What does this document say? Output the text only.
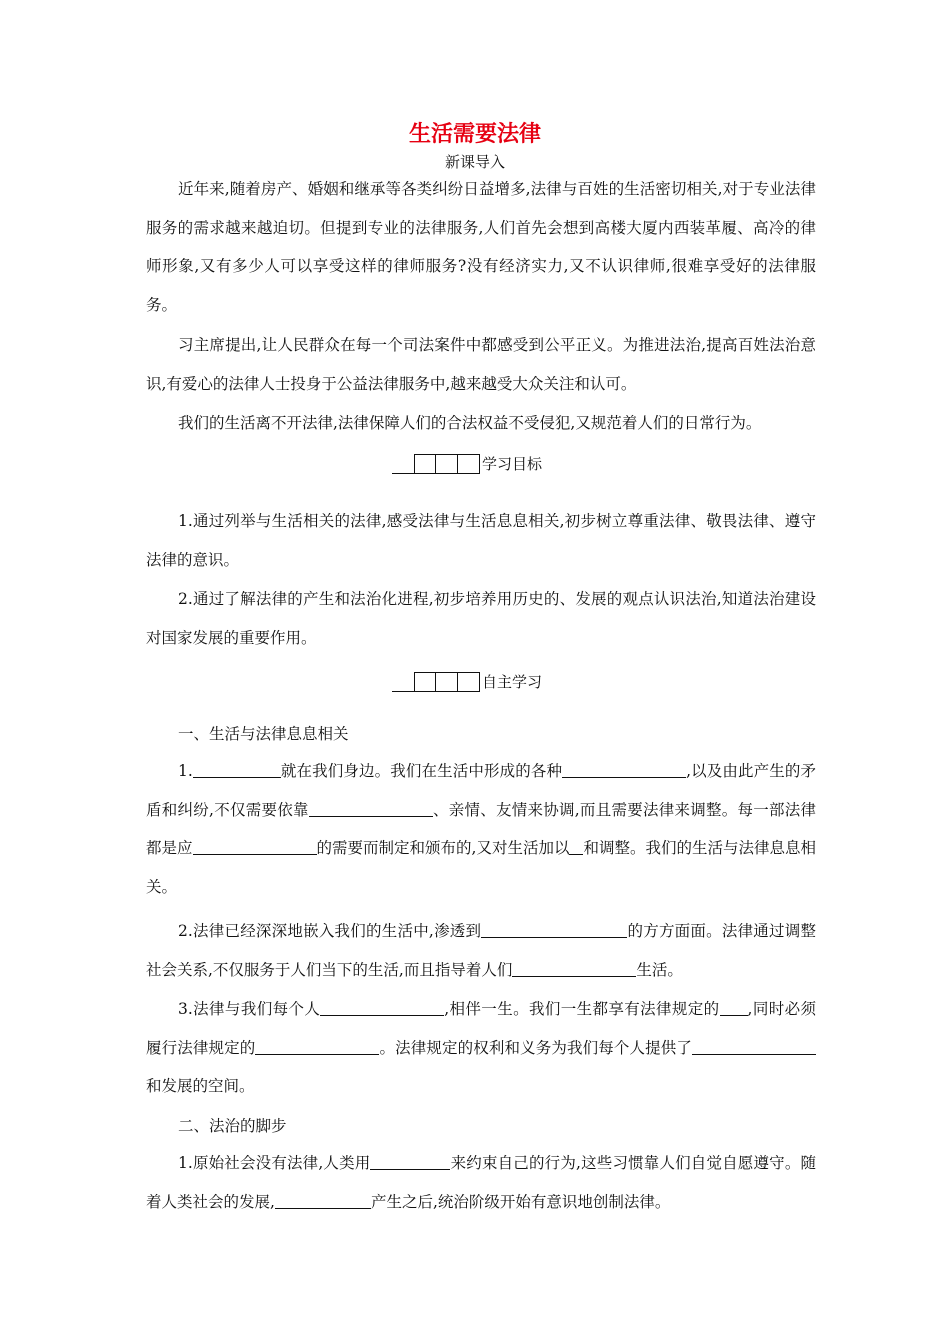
生活需要法律
新课导入

近年来,随着房产、婚姻和继承等各类纠纷日益增多,法律与百姓的生活密切相关,对于专业法律服务的需求越来越迫切。但提到专业的法律服务,人们首先会想到高楼大厦内西装革履、高冷的律师形象,又有多少人可以享受这样的律师服务?没有经济实力,又不认识律师,很难享受好的法律服务。

习主席提出,让人民群众在每一个司法案件中都感受到公平正义。为推进法治,提高百姓法治意识,有爱心的法律人士投身于公益法律服务中,越来越受大众关注和认可。

我们的生活离不开法律,法律保障人们的合法权益不受侵犯,又规范着人们的日常行为。

学习目标

1.通过列举与生活相关的法律,感受法律与生活息息相关,初步树立尊重法律、敬畏法律、遵守法律的意识。

2.通过了解法律的产生和法治化进程,初步培养用历史的、发展的观点认识法治,知道法治建设对国家发展的重要作用。

自主学习
一、生活与法律息息相关

1.	就在我们身边。我们在生活中形成的各种	,以及由此产生的矛盾和纠纷,不仅需要依靠	、亲情、友情来协调,而且需要法律来调整。每一部法律都是应	的需要而制定和颁布的,又对生活加以 和调整。我们的生活与法律息息相关。

2.法律已经深深地嵌入我们的生活中,渗透到	的方方面面。法律通过调整社会关系,不仅服务于人们当下的生活,而且指导着人们	生活。

3.法律与我们每个人	,相伴一生。我们一生都享有法律规定的 ,同时必须履行法律规定的	。法律规定的权利和义务为我们每个人提供了和发展的空间。

二、法治的脚步

1.原始社会没有法律,人类用	来约束自己的行为,这些习惯靠人们自觉自愿遵守。随着人类社会的发展,	产生之后,统治阶级开始有意识地创制法律。
